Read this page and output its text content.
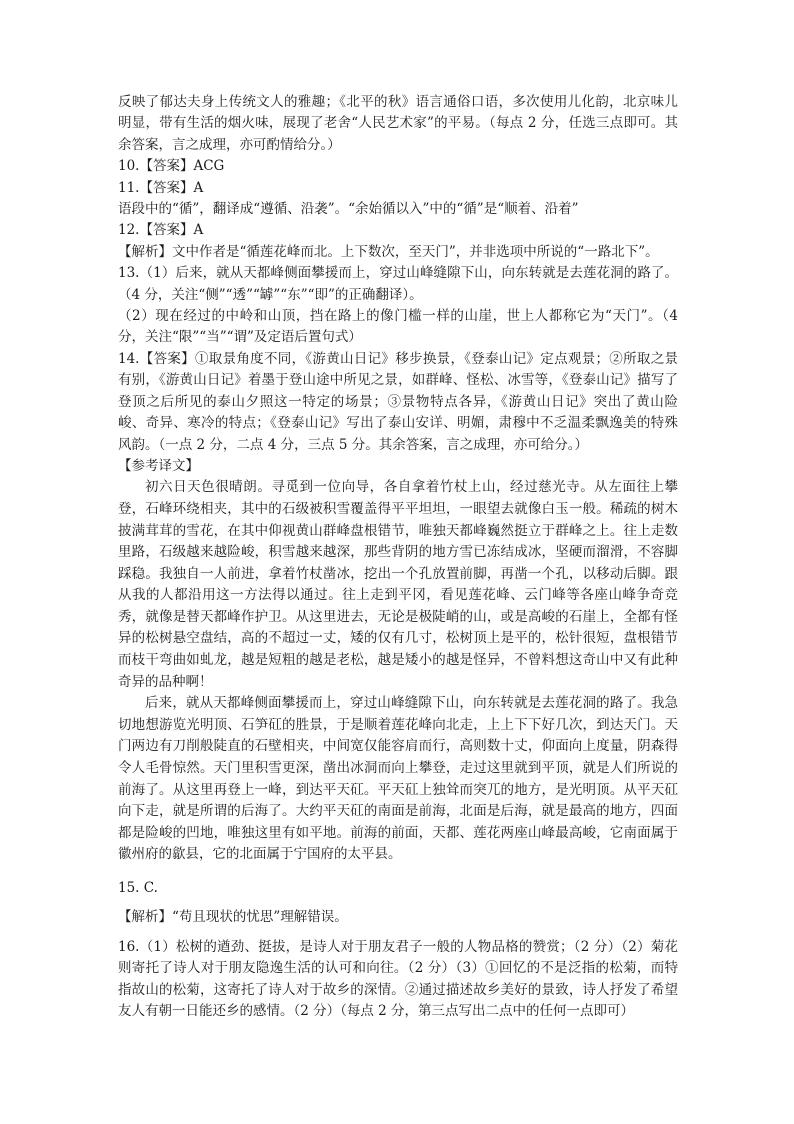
反映了郁达夫身上传统文人的雅趣；《北平的秋》语言通俗口语，多次使用儿化韵，北京味儿明显，带有生活的烟火味，展现了老舍“人民艺术家”的平易。（每点 2 分，任选三点即可。其余答案，言之成理，亦可酌情给分。）

10.【答案】ACG

11.【答案】A

语段中的“循”，翻译成“遵循、沿袭”。“余始循以入”中的“循”是“顺着、沿着”

12.【答案】A

【解析】文中作者是“循莲花峰而北。上下数次，至天门”，并非选项中所说的“一路北下”。

13.（1）后来，就从天都峰侧面攀援而上，穿过山峰缝隙下山，向东转就是去莲花洞的路了。（4 分，关注“侧”“透”“罅”“东”“即”的正确翻译）。

（2）现在经过的中岭和山顶，挡在路上的像门槛一样的山崖，世上人都称它为“天门”。（4 分，关注“限”“当”“谓”及定语后置句式）

14.【答案】①取景角度不同，《游黄山日记》移步换景，《登泰山记》定点观景；②所取之景有别，《游黄山日记》着墨于登山途中所见之景，如群峰、怪松、冰雪等，《登泰山记》描写了登顶之后所见的泰山夕照这一特定的场景；③景物特点各异，《游黄山日记》突出了黄山险峻、奇异、寒冷的特点；《登泰山记》写出了泰山安详、明媚，肃穆中不乏温柔飘逸美的特殊风韵。（一点 2 分，二点 4 分，三点 5 分。其余答案，言之成理，亦可给分。）

【参考译文】

初六日天色很晴朗。寻觅到一位向导，各自拿着竹杖上山，经过慈光寺。从左面往上攀登，石峰环绕相夹，其中的石级被积雪覆盖得平平坦坦，一眼望去就像白玉一般。稀疏的树木披满茸茸的雪花，在其中仰视黄山群峰盘根错节，唯独天都峰巍然挺立于群峰之上。往上走数里路，石级越来越险峻，积雪越来越深，那些背阴的地方雪已冻结成冰，坚硬而溜滑，不容脚踩稳。我独自一人前进，拿着竹杖凿冰，挖出一个孔放置前脚，再凿一个孔，以移动后脚。跟从我的人都沿用这一方法得以通过。往上走到平冈，看见莲花峰、云门峰等各座山峰争奇竞秀，就像是替天都峰作护卫。从这里进去，无论是极陡峭的山，或是高峻的石崖上，全都有怪异的松树悬空盘结，高的不超过一丈，矮的仅有几寸，松树顶上是平的，松针很短，盘根错节而枝干弯曲如虬龙，越是短粗的越是老松，越是矮小的越是怪异，不曾料想这奇山中又有此种奇异的品种啊！

后来，就从天都峰侧面攀援而上，穿过山峰缝隙下山，向东转就是去莲花洞的路了。我急切地想游览光明顶、石笋矼的胜景，于是顺着莲花峰向北走，上上下下好几次，到达天门。天门两边有刀削般陡直的石壁相夹，中间宽仅能容肩而行，高则数十丈，仰面向上度量，阴森得令人毛骨惊然。天门里积雪更深，凿出冰洞而向上攀登，走过这里就到平顶，就是人们所说的前海了。从这里再登上一峰，到达平天矼。平天矼上独耸而突兀的地方，是光明顶。从平天矼向下走，就是所谓的后海了。大约平天矼的南面是前海，北面是后海，就是最高的地方，四面都是险峻的凹地，唯独这里有如平地。前海的前面，天都、莲花两座山峰最高峻，它南面属于徽州府的歙县，它的北面属于宁国府的太平县。

15. C.

【解析】“苟且现状的忧思”理解错误。

16.（1）松树的遒劲、挺拔，是诗人对于朋友君子一般的人物品格的赞赏；（2 分）（2）菊花则寄托了诗人对于朋友隐逸生活的认可和向往。（2 分）（3）①回忆的不是泛指的松菊，而特指故山的松菊，这寄托了诗人对于故乡的深情。②通过描述故乡美好的景致，诗人抒发了希望友人有朝一日能还乡的感情。（2 分）（每点 2 分，第三点写出二点中的任何一点即可）
